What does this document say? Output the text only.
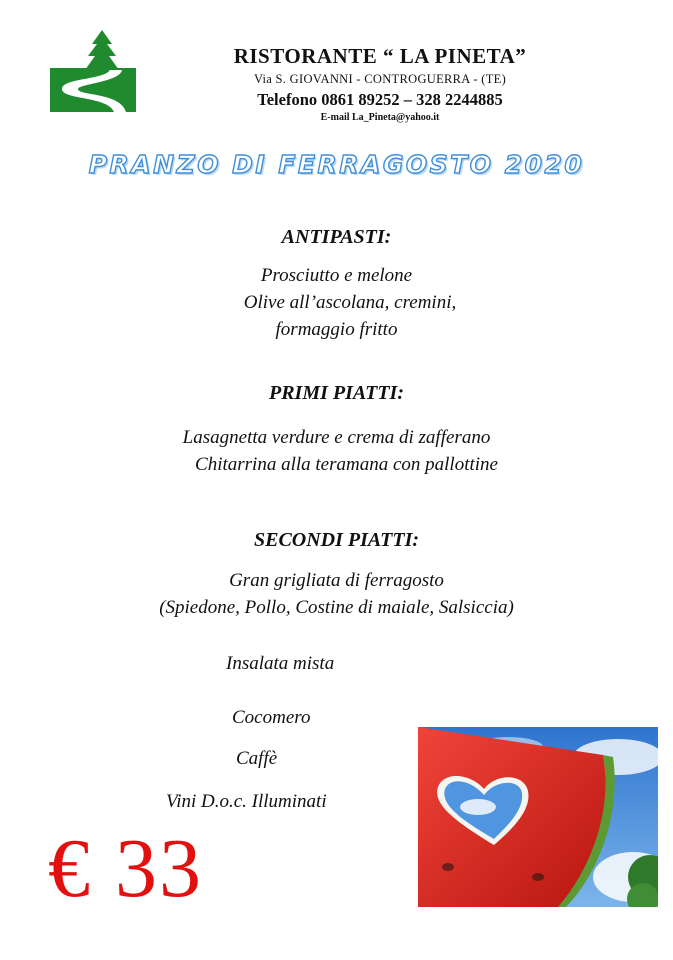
RISTORANTE “ LA PINETA”
Via S. GIOVANNI - CONTROGUERRA - (TE)
Telefono 0861 89252 – 328 2244885
E-mail La_Pineta@yahoo.it
PRANZO DI FERRAGOSTO 2020
ANTIPASTI:
Prosciutto e melone
Olive all’ascolana, cremini,
formaggio fritto
PRIMI PIATTI:
Lasagnetta verdure e crema di zafferano
Chitarrina alla teramana con pallottine
SECONDI PIATTI:
Gran grigliata di ferragosto
(Spiedone, Pollo, Costine di maiale, Salsiccia)
Insalata mista
Cocomero
Caffè
Vini D.o.c. Illuminati
€ 33
